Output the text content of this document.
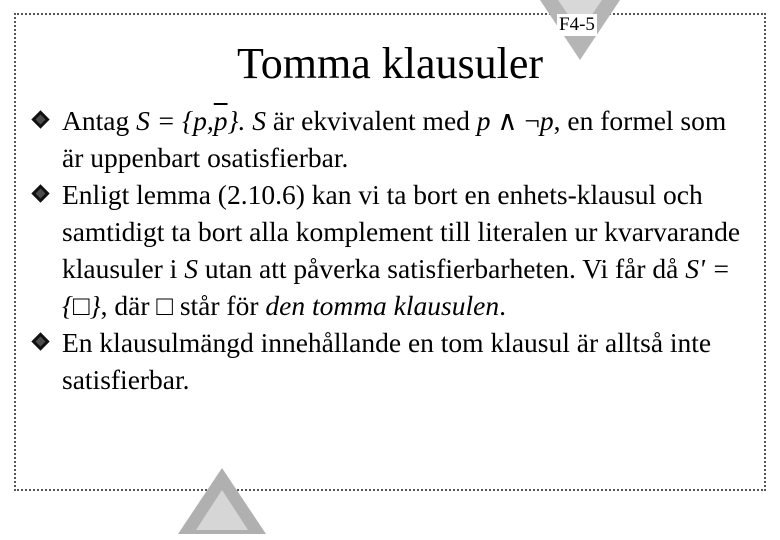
F4-5
Tomma klausuler

Antag $S = \{p,\overline{p}\}$. S är ekvivalent med p ∧ ¬p, en formel som är uppenbart osatisfierbar.

Enligt lemma (2.10.6) kan vi ta bort en enhets-klausul och samtidigt ta bort alla komplement till literalen ur kvarvarande klausuler i S utan att påverka satisfierbarheten. Vi får då S' = {□}, där □ står för den tomma klausulen.

En klausulmängd innehållande en tom klausul är alltså inte satisfierbar.
